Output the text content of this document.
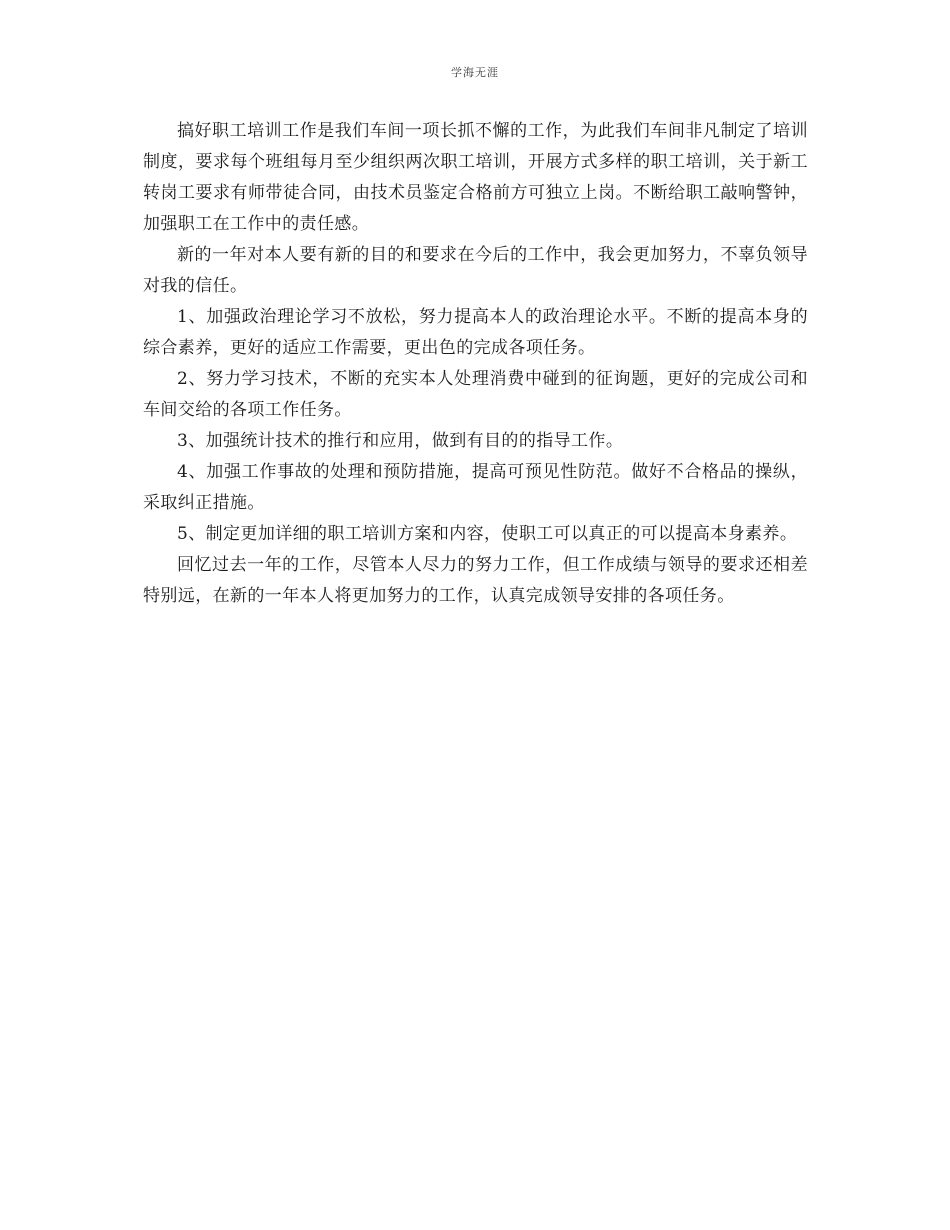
学海无涯

搞好职工培训工作是我们车间一项长抓不懈的工作，为此我们车间非凡制定了培训制度，要求每个班组每月至少组织两次职工培训，开展方式多样的职工培训，关于新工转岗工要求有师带徒合同，由技术员鉴定合格前方可独立上岗。不断给职工敲响警钟，加强职工在工作中的责任感。

新的一年对本人要有新的目的和要求在今后的工作中，我会更加努力，不辜负领导对我的信任。

1、加强政治理论学习不放松，努力提高本人的政治理论水平。不断的提高本身的综合素养，更好的适应工作需要，更出色的完成各项任务。

2、努力学习技术，不断的充实本人处理消费中碰到的征询题，更好的完成公司和车间交给的各项工作任务。

3、加强统计技术的推行和应用，做到有目的的指导工作。

4、加强工作事故的处理和预防措施，提高可预见性防范。做好不合格品的操纵，采取纠正措施。

5、制定更加详细的职工培训方案和内容，使职工可以真正的可以提高本身素养。

回忆过去一年的工作，尽管本人尽力的努力工作，但工作成绩与领导的要求还相差特别远，在新的一年本人将更加努力的工作，认真完成领导安排的各项任务。
